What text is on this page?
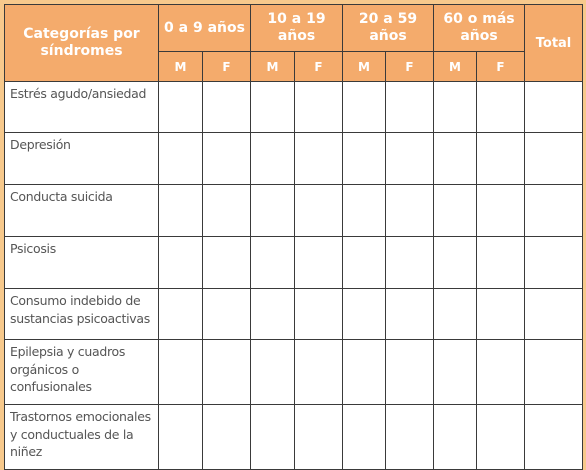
Categorías por síndromes	0 a 9 años		10 a 19 años		20 a 59 años		60 o más años		Total
	M	F	M	F	M	F	M	F	
Estrés agudo/ansiedad									
Depresión									
Conducta suicida									
Psicosis									
Consumo indebido de sustancias psicoactivas									
Epilepsia y cuadros orgánicos o confusionales									
Trastornos emocionales y conductuales de la niñez									
